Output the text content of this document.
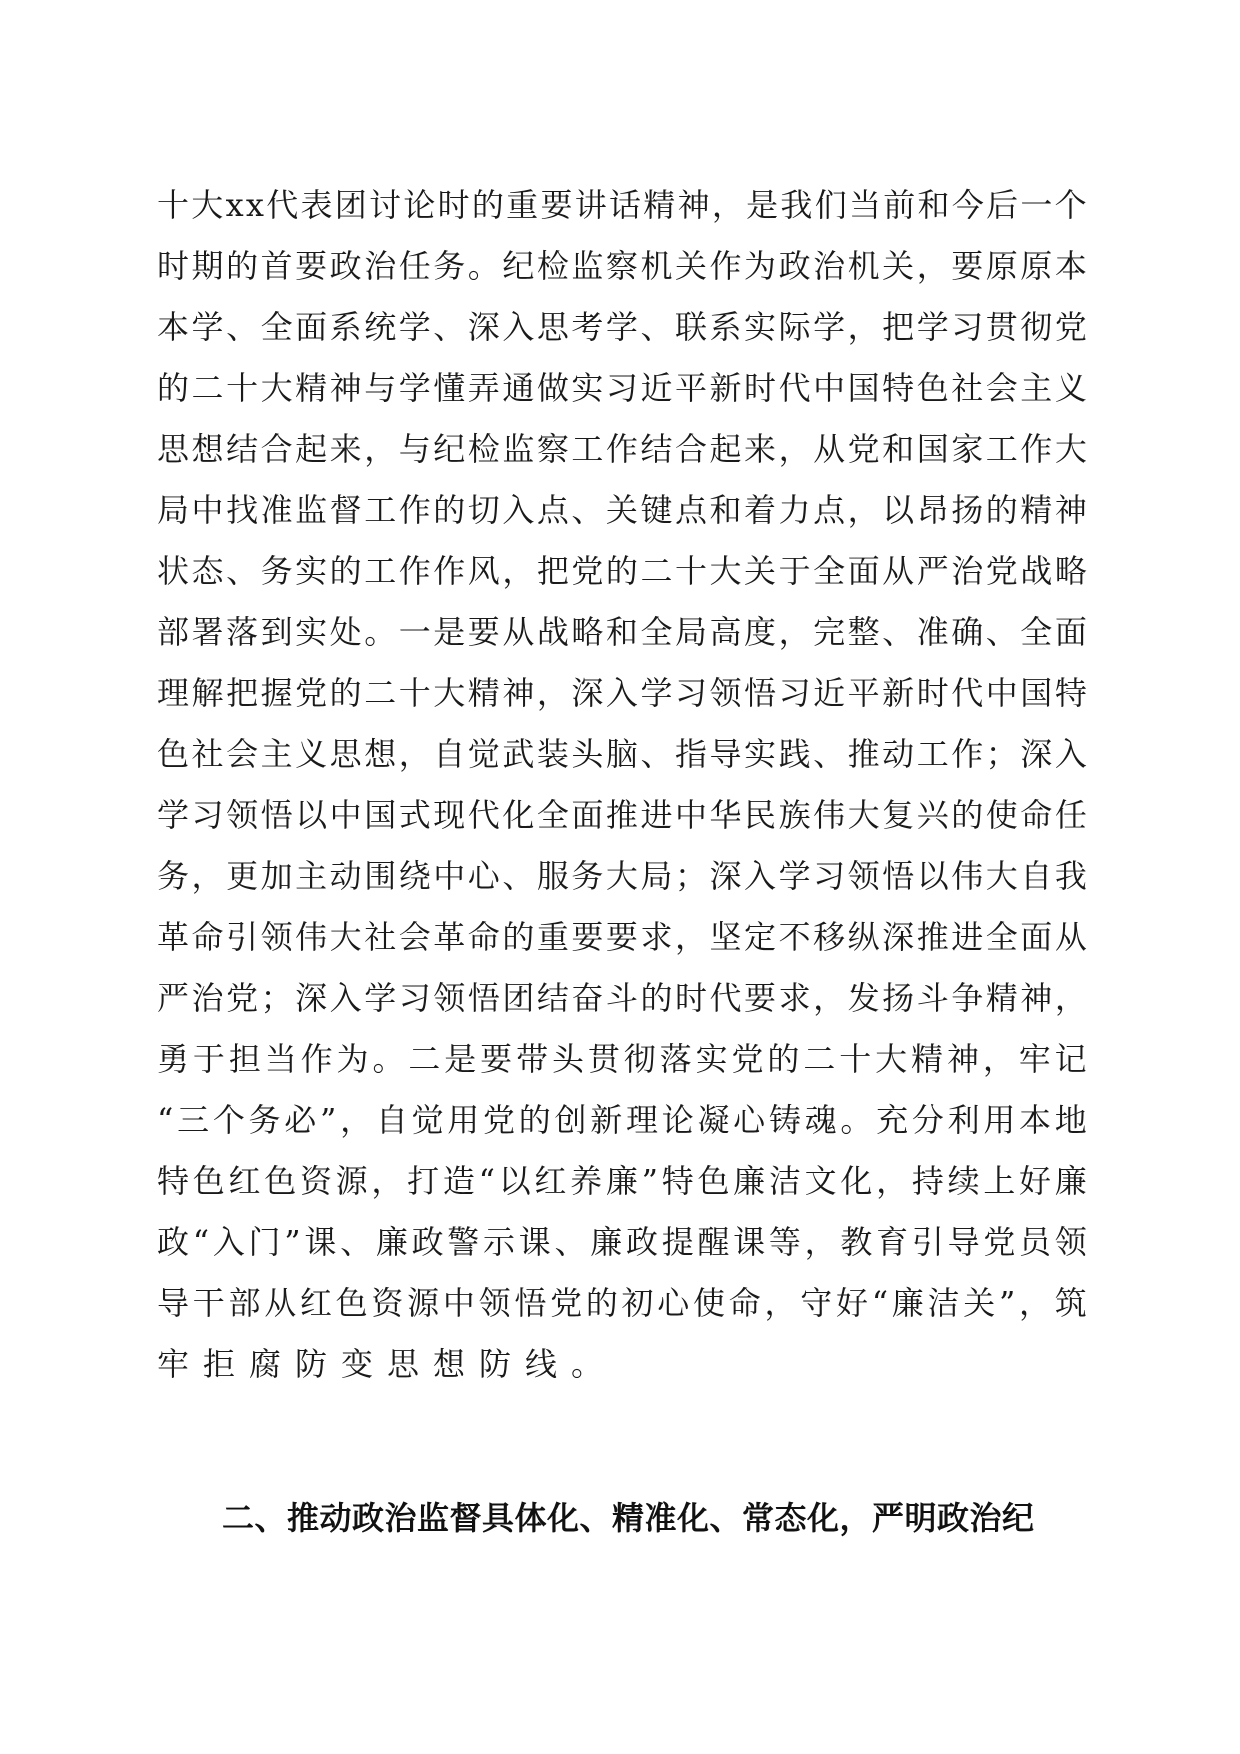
十 大 x x 代 表 团 讨 论 时 的 重 要 讲 话 精 神 ， 是 我 们 当 前 和 今 后 一 个
时 期 的 首 要 政 治 任 务 。 纪 检 监 察 机 关 作 为 政 治 机 关 ， 要 原 原 本
本 学 、 全 面 系 统 学 、 深 入 思 考 学 、 联 系 实 际 学 ， 把 学 习 贯 彻 党
的 二 十 大 精 神 与 学 懂 弄 通 做 实 习 近 平 新 时 代 中 国 特 色 社 会 主 义
思 想 结 合 起 来 ， 与 纪 检 监 察 工 作 结 合 起 来 ， 从 党 和 国 家 工 作 大
局 中 找 准 监 督 工 作 的 切 入 点 、 关 键 点 和 着 力 点 ， 以 昂 扬 的 精 神
状 态 、 务 实 的 工 作 作 风 ， 把 党 的 二 十 大 关 于 全 面 从 严 治 党 战 略
部 署 落 到 实 处 。 一 是 要 从 战 略 和 全 局 高 度 ， 完 整 、 准 确 、 全 面
理 解 把 握 党 的 二 十 大 精 神 ， 深 入 学 习 领 悟 习 近 平 新 时 代 中 国 特
色 社 会 主 义 思 想 ， 自 觉 武 装 头 脑 、 指 导 实 践 、 推 动 工 作 ； 深 入
学 习 领 悟 以 中 国 式 现 代 化 全 面 推 进 中 华 民 族 伟 大 复 兴 的 使 命 任
务 ， 更 加 主 动 围 绕 中 心 、 服 务 大 局 ； 深 入 学 习 领 悟 以 伟 大 自 我
革 命 引 领 伟 大 社 会 革 命 的 重 要 要 求 ， 坚 定 不 移 纵 深 推 进 全 面 从
严 治 党 ； 深 入 学 习 领 悟 团 结 奋 斗 的 时 代 要 求 ， 发 扬 斗 争 精 神 ，
勇 于 担 当 作 为 。 二 是 要 带 头 贯 彻 落 实 党 的 二 十 大 精 神 ， 牢 记
“ 三 个 务 必 ” ， 自 觉 用 党 的 创 新 理 论 凝 心 铸 魂 。 充 分 利 用 本 地
特 色 红 色 资 源 ， 打 造 “ 以 红 养 廉 ” 特 色 廉 洁 文 化 ， 持 续 上 好 廉
政 “ 入 门 ” 课 、 廉 政 警 示 课 、 廉 政 提 醒 课 等 ， 教 育 引 导 党 员 领
导 干 部 从 红 色 资 源 中 领 悟 党 的 初 心 使 命 ， 守 好 “ 廉 洁 关 ” ， 筑
牢拒腐防变思想防线。
二、推动政治监督具体化、精准化、常态化，严明政治纪
